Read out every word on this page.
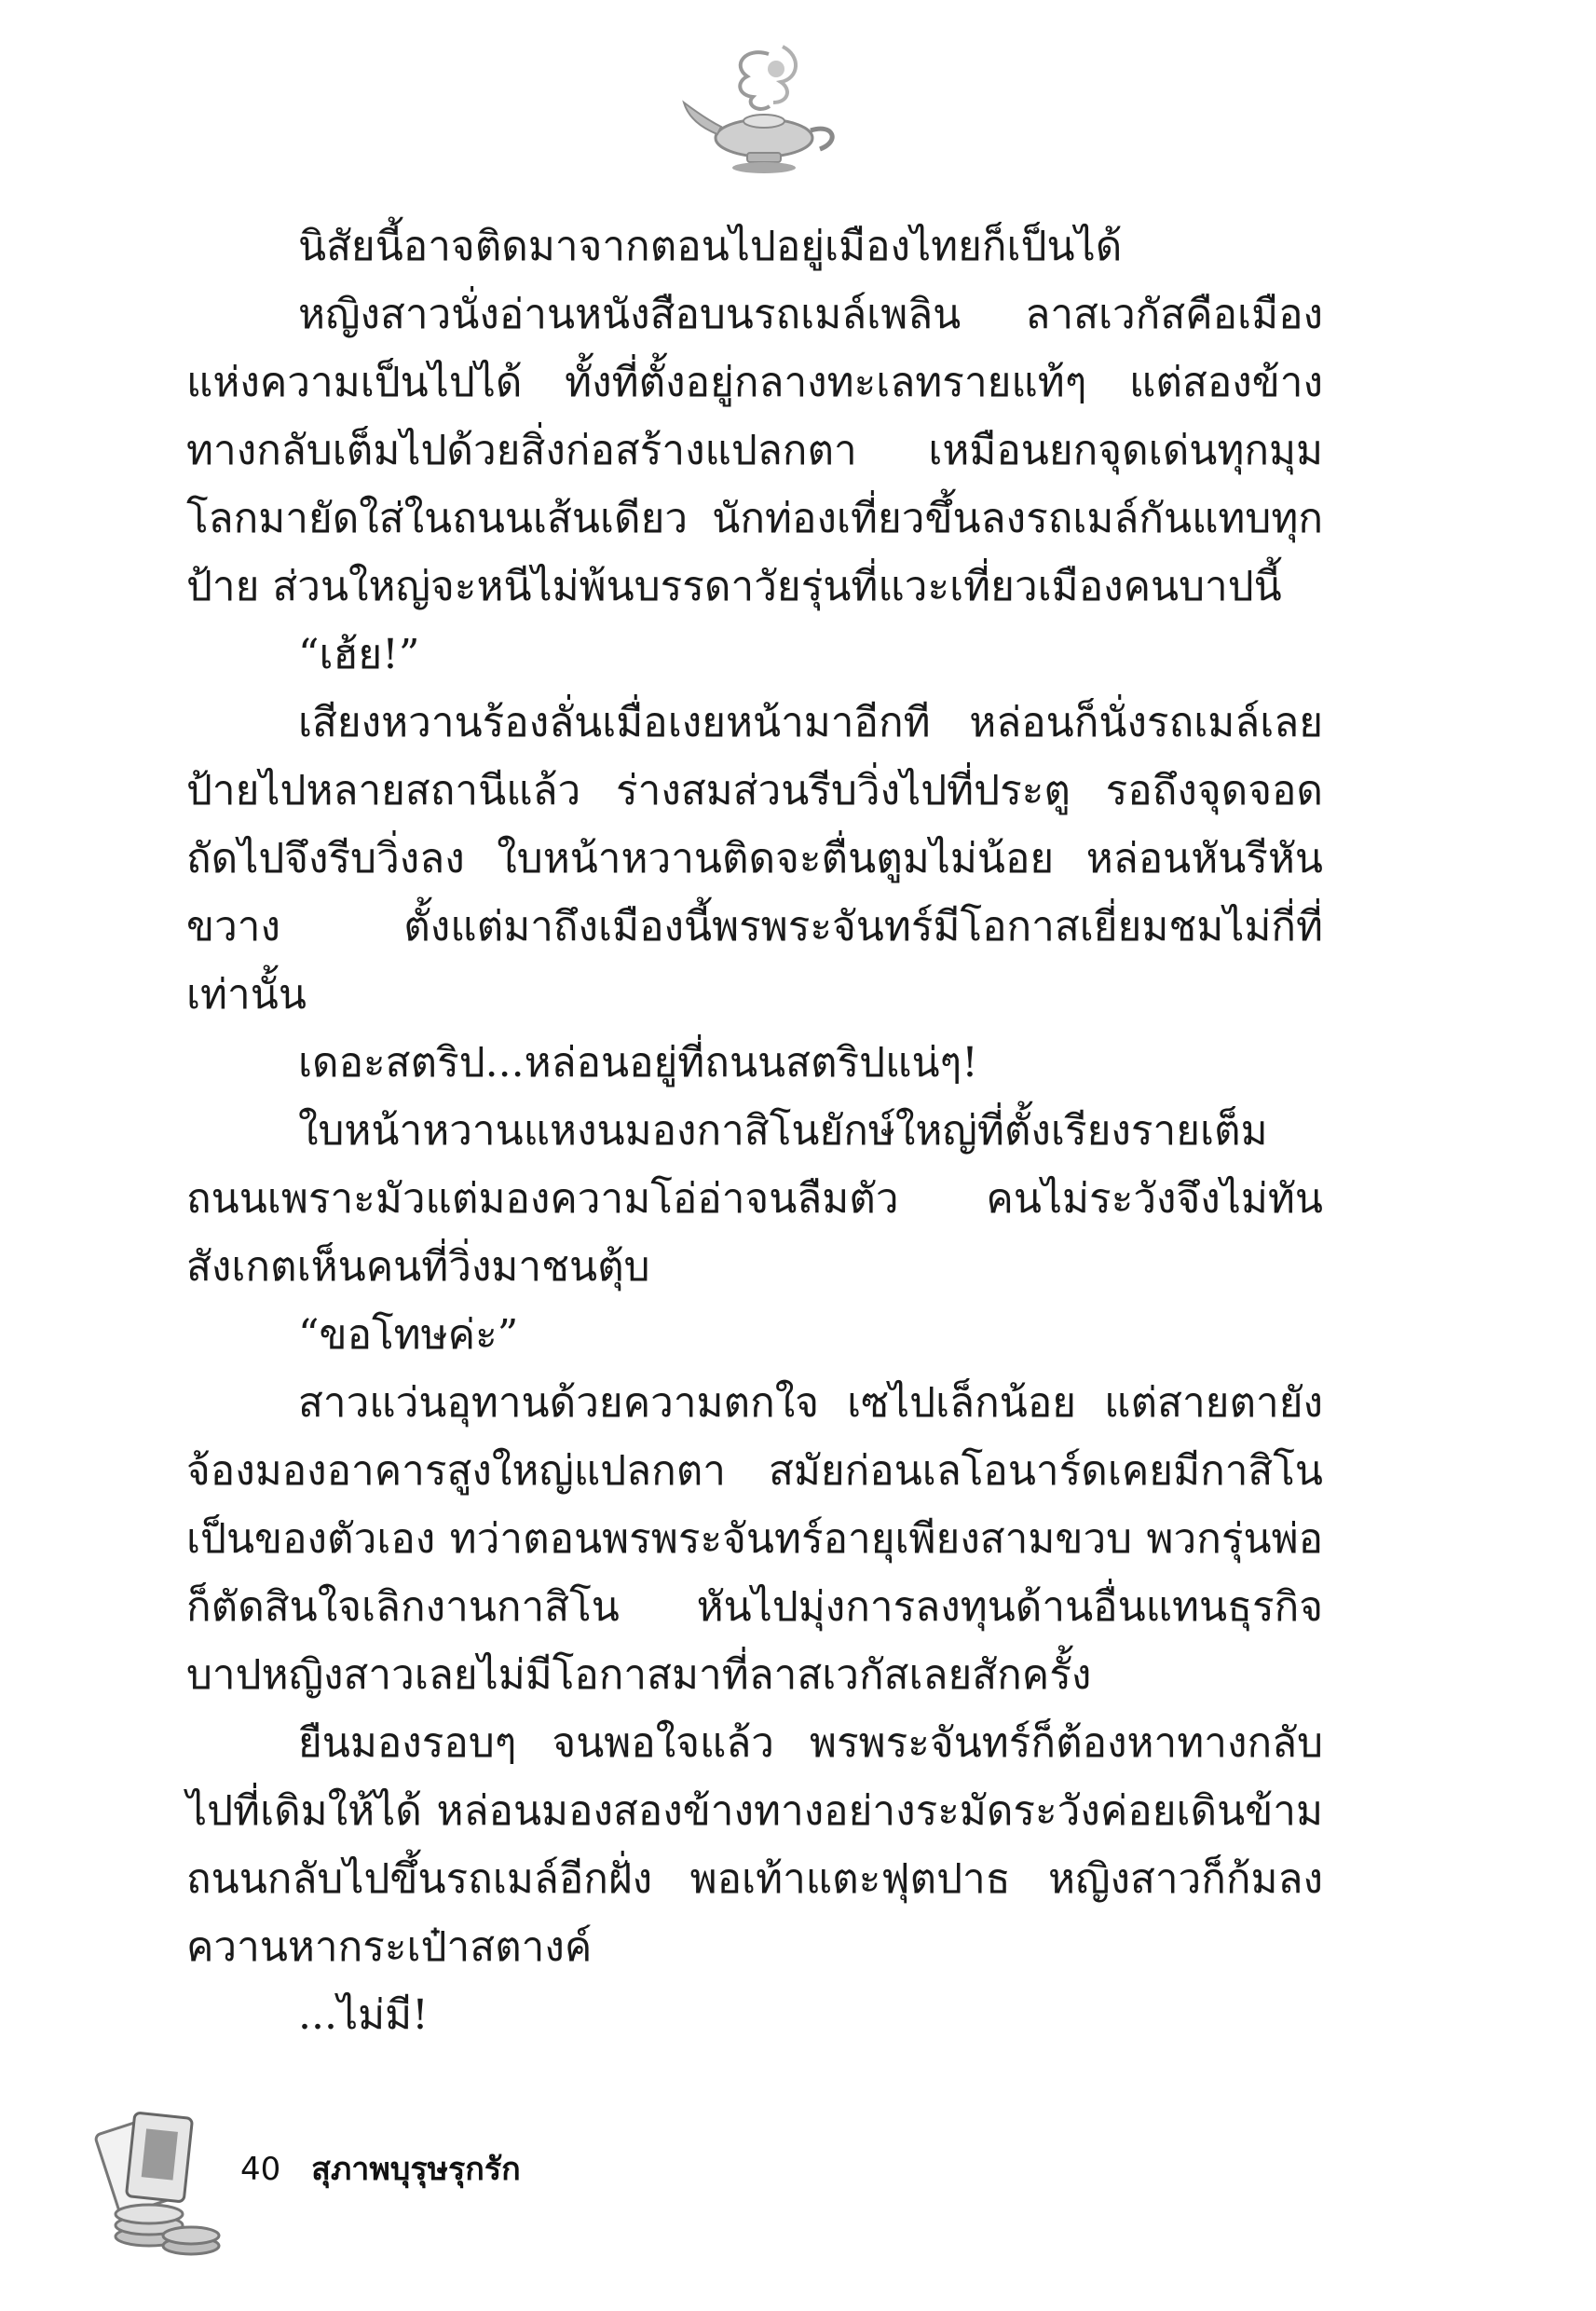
นิสัยนี้อาจติดมาจากตอนไปอยู่เมืองไทยก็เป็นได้

หญิงสาวนั่งอ่านหนังสือบนรถเมล์เพลิน ลาสเวกัสคือเมืองแห่งความเป็นไปได้ ทั้งที่ตั้งอยู่กลางทะเลทรายแท้ๆ แต่สองข้างทางกลับเต็มไปด้วยสิ่งก่อสร้างแปลกตา เหมือนยกจุดเด่นทุกมุมโลกมายัดใส่ในถนนเส้นเดียว นักท่องเที่ยวขึ้นลงรถเมล์กันแทบทุกป้าย ส่วนใหญ่จะหนีไม่พ้นบรรดาวัยรุ่นที่แวะเที่ยวเมืองคนบาปนี้

“เฮ้ย!”

เสียงหวานร้องลั่นเมื่อเงยหน้ามาอีกที หล่อนก็นั่งรถเมล์เลยป้ายไปหลายสถานีแล้ว ร่างสมส่วนรีบวิ่งไปที่ประตู รอถึงจุดจอดถัดไปจึงรีบวิ่งลง ใบหน้าหวานติดจะตื่นตูมไม่น้อย หล่อนหันรีหันขวาง ตั้งแต่มาถึงเมืองนี้พรพระจันทร์มีโอกาสเยี่ยมชมไม่กี่ที่เท่านั้น

เดอะสตริป...หล่อนอยู่ที่ถนนสตริปแน่ๆ!

ใบหน้าหวานแหงนมองกาสิโนยักษ์ใหญ่ที่ตั้งเรียงรายเต็มถนนเพราะมัวแต่มองความโอ่อ่าจนลืมตัว คนไม่ระวังจึงไม่ทันสังเกตเห็นคนที่วิ่งมาชนตุ้บ

“ขอโทษค่ะ”

สาวแว่นอุทานด้วยความตกใจ เซไปเล็กน้อย แต่สายตายังจ้องมองอาคารสูงใหญ่แปลกตา สมัยก่อนเลโอนาร์ดเคยมีกาสิโนเป็นของตัวเอง ทว่าตอนพรพระจันทร์อายุเพียงสามขวบ พวกรุ่นพ่อก็ตัดสินใจเลิกงานกาสิโน หันไปมุ่งการลงทุนด้านอื่นแทนธุรกิจบาปหญิงสาวเลยไม่มีโอกาสมาที่ลาสเวกัสเลยสักครั้ง

ยืนมองรอบๆ จนพอใจแล้ว พรพระจันทร์ก็ต้องหาทางกลับไปที่เดิมให้ได้ หล่อนมองสองข้างทางอย่างระมัดระวังค่อยเดินข้ามถนนกลับไปขึ้นรถเมล์อีกฝั่ง พอเท้าแตะฟุตปาธ หญิงสาวก็ก้มลงควานหากระเป๋าสตางค์

...ไม่มี!

40 สุภาพบุรุษรุกรัก
